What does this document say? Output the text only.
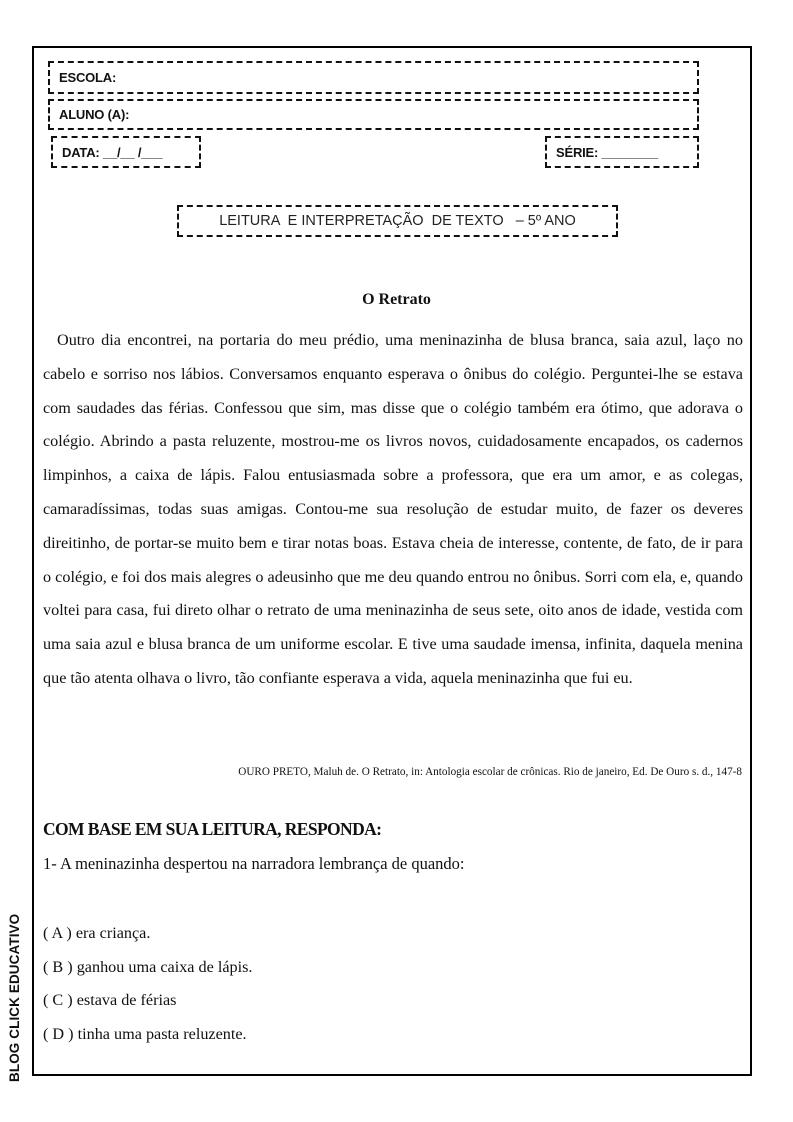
ESCOLA:
ALUNO (A):
DATA: __/__ /___	SÉRIE: ________
LEITURA  E INTERPRETAÇÃO  DE TEXTO   – 5º ANO
O Retrato

Outro dia encontrei, na portaria do meu prédio, uma meninazinha de blusa branca, saia azul, laço no cabelo e sorriso nos lábios. Conversamos enquanto esperava o ônibus do colégio. Perguntei-lhe se estava com saudades das férias. Confessou que sim, mas disse que o colégio também era ótimo, que adorava o colégio. Abrindo a pasta reluzente, mostrou-me os livros novos, cuidadosamente encapados, os cadernos limpinhos, a caixa de lápis. Falou entusiasmada sobre a professora, que era um amor, e as colegas, camaradíssimas, todas suas amigas. Contou-me sua resolução de estudar muito, de fazer os deveres direitinho, de portar-se muito bem e tirar notas boas. Estava cheia de interesse, contente, de fato, de ir para o colégio, e foi dos mais alegres o adeusinho que me deu quando entrou no ônibus. Sorri com ela, e, quando voltei para casa, fui direto olhar o retrato de uma meninazinha de seus sete, oito anos de idade, vestida com uma saia azul e blusa branca de um uniforme escolar. E tive uma saudade imensa, infinita, daquela menina que tão atenta olhava o livro, tão confiante esperava a vida, aquela meninazinha que fui eu.

OURO PRETO, Maluh de. O Retrato, in: Antologia escolar de crônicas. Rio de janeiro, Ed. De Ouro s. d., 147-8
COM BASE EM SUA LEITURA, RESPONDA:
1- A meninazinha despertou na narradora lembrança de quando:
( A ) era criança.
( B ) ganhou uma caixa de lápis.
( C ) estava de férias
( D ) tinha uma pasta reluzente.
BLOG CLICK EDUCATIVO
